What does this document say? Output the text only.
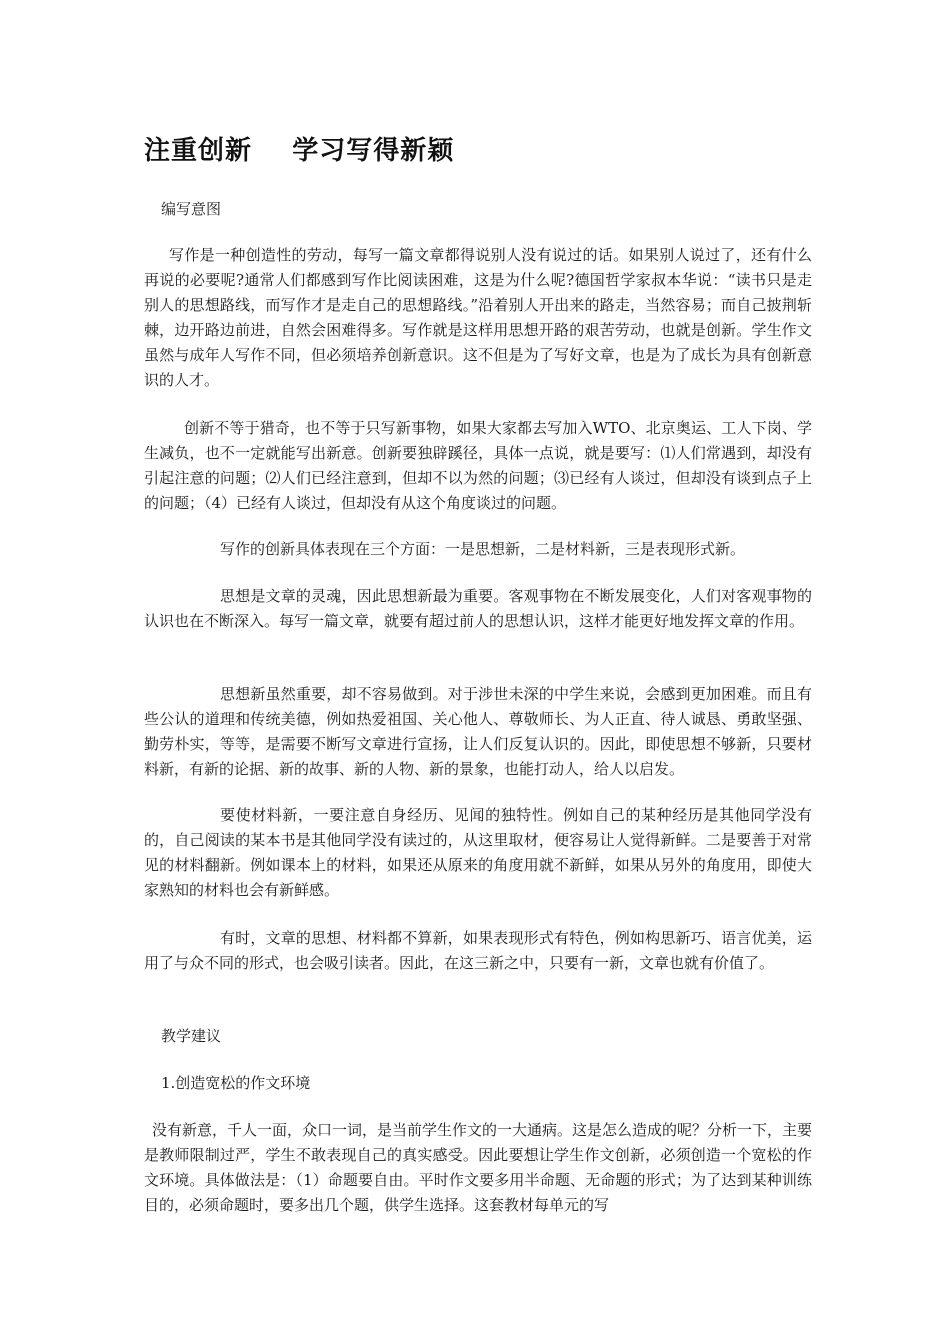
注重创新    学习写得新颖

编写意图

写作是一种创造性的劳动，每写一篇文章都得说别人没有说过的话。如果别人说过了，还有什么再说的必要呢?通常人们都感到写作比阅读困难，这是为什么呢?德国哲学家叔本华说：“读书只是走别人的思想路线，而写作才是走自己的思想路线。”沿着别人开出来的路走，当然容易；而自己披荆斩棘，边开路边前进，自然会困难得多。写作就是这样用思想开路的艰苦劳动，也就是创新。学生作文虽然与成年人写作不同，但必须培养创新意识。这不但是为了写好文章，也是为了成长为具有创新意识的人才。

创新不等于猎奇，也不等于只写新事物，如果大家都去写加入WTO、北京奥运、工人下岗、学生减负，也不一定就能写出新意。创新要独辟蹊径，具体一点说，就是要写：⑴人们常遇到，却没有引起注意的问题；⑵人们已经注意到，但却不以为然的问题；⑶已经有人谈过，但却没有谈到点子上的问题；（4）已经有人谈过，但却没有从这个角度谈过的问题。

写作的创新具体表现在三个方面：一是思想新，二是材料新，三是表现形式新。

思想是文章的灵魂，因此思想新最为重要。客观事物在不断发展变化，人们对客观事物的认识也在不断深入。每写一篇文章，就要有超过前人的思想认识，这样才能更好地发挥文章的作用。

思想新虽然重要，却不容易做到。对于涉世未深的中学生来说，会感到更加困难。而且有些公认的道理和传统美德，例如热爱祖国、关心他人、尊敬师长、为人正直、待人诚恳、勇敢坚强、勤劳朴实，等等，是需要不断写文章进行宣扬，让人们反复认识的。因此，即使思想不够新，只要材料新，有新的论据、新的故事、新的人物、新的景象，也能打动人，给人以启发。

要使材料新，一要注意自身经历、见闻的独特性。例如自己的某种经历是其他同学没有的，自己阅读的某本书是其他同学没有读过的，从这里取材，便容易让人觉得新鲜。二是要善于对常见的材料翻新。例如课本上的材料，如果还从原来的角度用就不新鲜，如果从另外的角度用，即使大家熟知的材料也会有新鲜感。

有时，文章的思想、材料都不算新，如果表现形式有特色，例如构思新巧、语言优美，运用了与众不同的形式，也会吸引读者。因此，在这三新之中，只要有一新，文章也就有价值了。

教学建议

1.创造宽松的作文环境

没有新意，千人一面，众口一词，是当前学生作文的一大通病。这是怎么造成的呢？分析一下，主要是教师限制过严，学生不敢表现自己的真实感受。因此要想让学生作文创新，必须创造一个宽松的作文环境。具体做法是：（1）命题要自由。平时作文要多用半命题、无命题的形式；为了达到某种训练目的，必须命题时，要多出几个题，供学生选择。这套教材每单元的写
